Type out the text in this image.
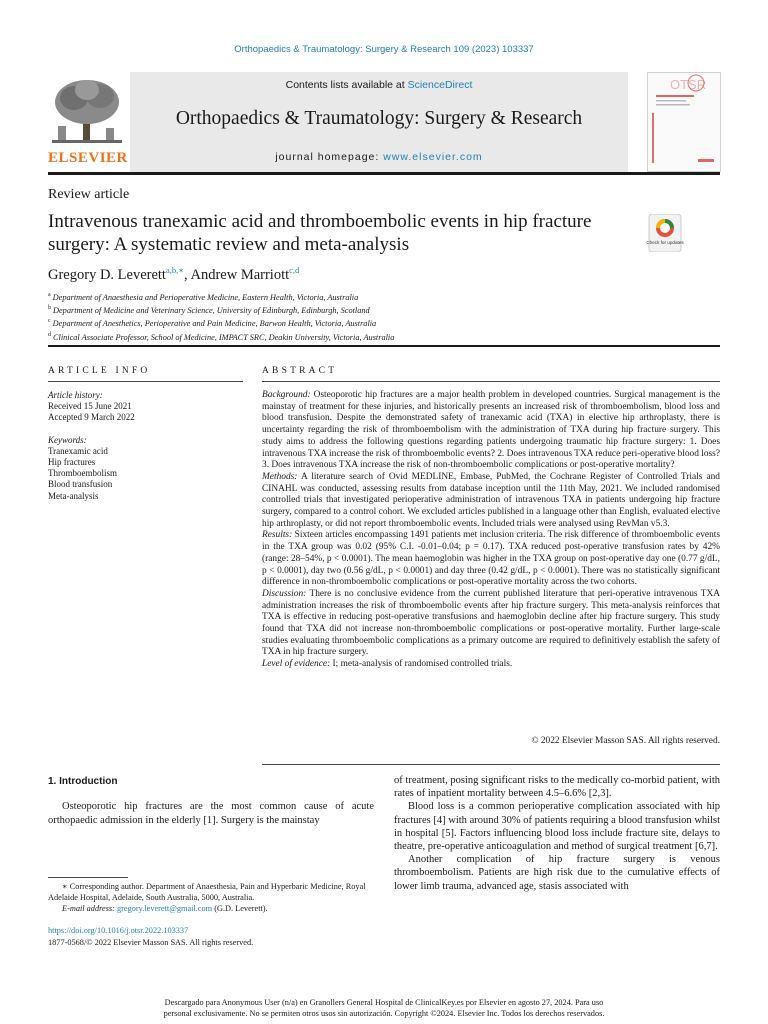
Orthopaedics & Traumatology: Surgery & Research 109 (2023) 103337
ELSEVIER
Contents lists available at ScienceDirect
Orthopaedics & Traumatology: Surgery & Research
journal homepage: www.elsevier.com
OTSR
Review article
Intravenous tranexamic acid and thromboembolic events in hip fracture surgery: A systematic review and meta-analysis	Check for updates
Gregory D. Leverett$^{a,b,∗}$, Andrew Marriott$^{c,d}$
$^a$ Department of Anaesthesia and Perioperative Medicine, Eastern Health, Victoria, Australia
$^b$ Department of Medicine and Veterinary Science, University of Edinburgh, Edinburgh, Scotland
$^c$ Department of Anesthetics, Perioperative and Pain Medicine, Barwon Health, Victoria, Australia
$^d$ Clinical Associate Professor, School of Medicine, IMPACT SRC, Deakin University, Victoria, Australia
ARTICLE INFO	ABSTRACT
Article history:
Received 15 June 2021
Accepted 9 March 2022
Keywords:
Tranexamic acid
Hip fractures
Thromboembolism
Blood transfusion
Meta-analysis
Background: Osteoporotic hip fractures are a major health problem in developed countries. Surgical management is the mainstay of treatment for these injuries, and historically presents an increased risk of thromboembolism, blood loss and blood transfusion. Despite the demonstrated safety of tranexamic acid (TXA) in elective hip arthroplasty, there is uncertainty regarding the risk of thromboembolism with the administration of TXA during hip fracture surgery. This study aims to address the following questions regarding patients undergoing traumatic hip fracture surgery: 1. Does intravenous TXA increase the risk of thromboembolic events? 2. Does intravenous TXA reduce peri-operative blood loss? 3. Does intravenous TXA increase the risk of non-thromboembolic complications or post-operative mortality?
Methods: A literature search of Ovid MEDLINE, Embase, PubMed, the Cochrane Register of Controlled Trials and CINAHL was conducted, assessing results from database inception until the 11th May, 2021. We included randomised controlled trials that investigated perioperative administration of intravenous TXA in patients undergoing hip fracture surgery, compared to a control cohort. We excluded articles published in a language other than English, evaluated elective hip arthroplasty, or did not report thromboembolic events. Included trials were analysed using RevMan v5.3.
Results: Sixteen articles encompassing 1491 patients met inclusion criteria. The risk difference of thromboembolic events in the TXA group was 0.02 (95% C.I. -0.01–0.04; p = 0.17). TXA reduced post-operative transfusion rates by 42% (range: 28–54%, p < 0.0001). The mean haemoglobin was higher in the TXA group on post-operative day one (0.77 g/dL, p < 0.0001), day two (0.56 g/dL, p < 0.0001) and day three (0.42 g/dL, p < 0.0001). There was no statistically significant difference in non-thromboembolic complications or post-operative mortality across the two cohorts.
Discussion: There is no conclusive evidence from the current published literature that peri-operative intravenous TXA administration increases the risk of thromboembolic events after hip fracture surgery. This meta-analysis reinforces that TXA is effective in reducing post-operative transfusions and haemoglobin decline after hip fracture surgery. This study found that TXA did not increase non-thromboembolic complications or post-operative mortality. Further large-scale studies evaluating thromboembolic complications as a primary outcome are required to definitively establish the safety of TXA in hip fracture surgery.
Level of evidence: I; meta-analysis of randomised controlled trials.
© 2022 Elsevier Masson SAS. All rights reserved.
1. Introduction
Osteoporotic hip fractures are the most common cause of acute orthopaedic admission in the elderly [1]. Surgery is the mainstay

of treatment, posing significant risks to the medically co-morbid patient, with rates of inpatient mortality between 4.5–6.6% [2,3].

Blood loss is a common perioperative complication associated with hip fractures [4] with around 30% of patients requiring a blood transfusion whilst in hospital [5]. Factors influencing blood loss include fracture site, delays to theatre, pre-operative anticoagulation and method of surgical treatment [6,7].

Another complication of hip fracture surgery is venous thromboembolism. Patients are high risk due to the cumulative effects of lower limb trauma, advanced age, stasis associated with

∗ Corresponding author. Department of Anaesthesia, Pain and Hyperbaric Medicine, Royal Adelaide Hospital, Adelaide, South Australia, 5000, Australia.
E-mail address: gregory.leverett@gmail.com (G.D. Leverett).
https://doi.org/10.1016/j.otsr.2022.103337
1877-0568/© 2022 Elsevier Masson SAS. All rights reserved.
Descargado para Anonymous User (n/a) en Granollers General Hospital de ClinicalKey.es por Elsevier en agosto 27, 2024. Para uso
personal exclusivamente. No se permiten otros usos sin autorización. Copyright ©2024. Elsevier Inc. Todos los derechos reservados.
